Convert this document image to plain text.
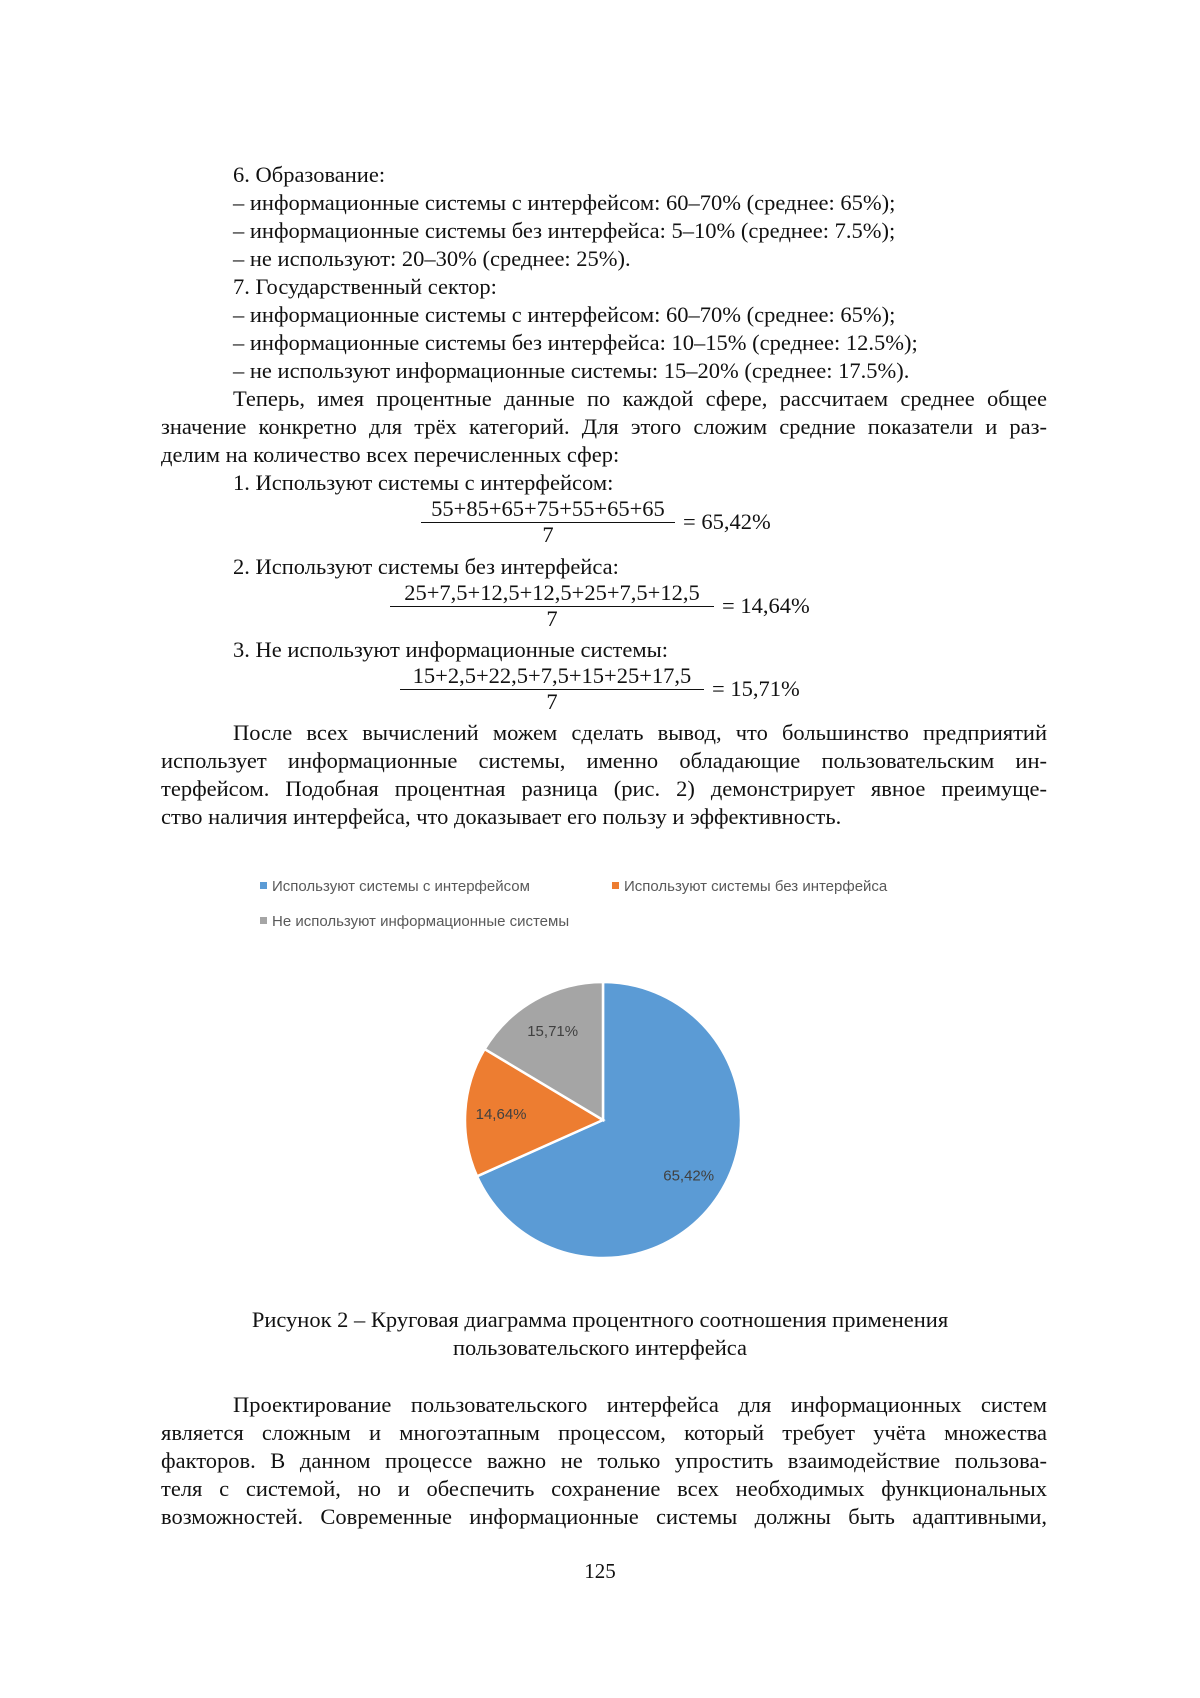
6. Образование:
– информационные системы с интерфейсом: 60–70% (среднее: 65%);
– информационные системы без интерфейса: 5–10% (среднее: 7.5%);
– не используют: 20–30% (среднее: 25%).
7. Государственный сектор:
– информационные системы с интерфейсом: 60–70% (среднее: 65%);
– информационные системы без интерфейса: 10–15% (среднее: 12.5%);
– не используют информационные системы: 15–20% (среднее: 17.5%).
Теперь, имея процентные данные по каждой сфере, рассчитаем среднее общее
значение конкретно для трёх категорий. Для этого сложим средние показатели и раз-
делим на количество всех перечисленных сфер:
1. Используют системы с интерфейсом:
55+85+65+75+55+65+65
7
= 65,42%
2. Используют системы без интерфейса:
25+7,5+12,5+12,5+25+7,5+12,5
7
= 14,64%
3. Не используют информационные системы:
15+2,5+22,5+7,5+15+25+17,5
7
= 15,71%
После всех вычислений можем сделать вывод, что большинство предприятий
использует информационные системы, именно обладающие пользовательским ин-
терфейсом. Подобная процентная разница (рис. 2) демонстрирует явное преимуще-
ство наличия интерфейса, что доказывает его пользу и эффективность.
Используют системы с интерфейсом	Используют системы без интерфейса
Не используют информационные системы
65,42%
14,64%
15,71%
Рисунок 2 – Круговая диаграмма процентного соотношения применения
пользовательского интерфейса
Проектирование пользовательского интерфейса для информационных систем
является сложным и многоэтапным процессом, который требует учёта множества
факторов. В данном процессе важно не только упростить взаимодействие пользова-
теля с системой, но и обеспечить сохранение всех необходимых функциональных
возможностей. Современные информационные системы должны быть адаптивными,
125
